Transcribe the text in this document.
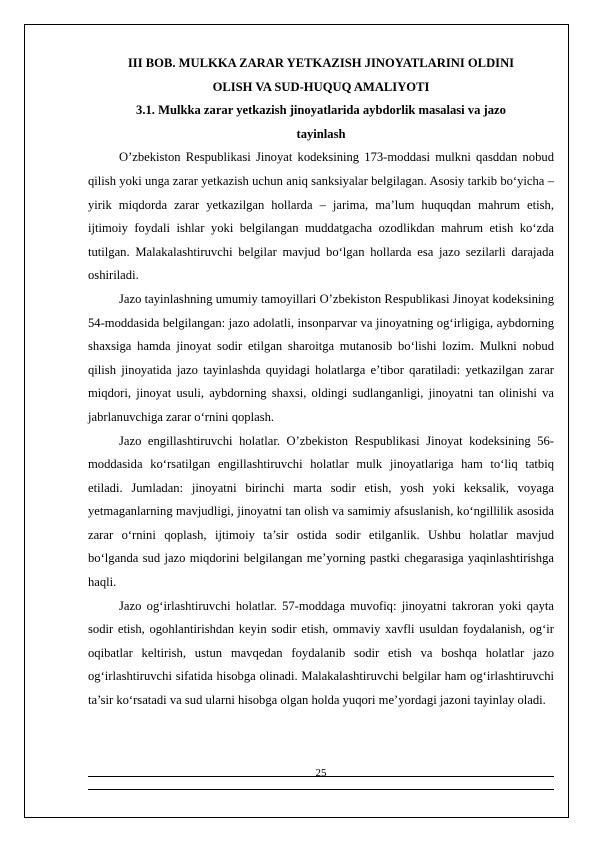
III BOB. MULKKA ZARAR YETKAZISH JINOYATLARINI OLDINI

OLISH VA SUD-HUQUQ AMALIYOTI

3.1. Mulkka zarar yetkazish jinoyatlarida aybdorlik masalasi va jazo

tayinlash

O’zbekiston Respublikasi Jinoyat kodeksining 173-moddasi mulkni qasddan nobud qilish yoki unga zarar yetkazish uchun aniq sanksiyalar belgilagan. Asosiy tarkib bo‘yicha – yirik miqdorda zarar yetkazilgan hollarda – jarima, ma’lum huquqdan mahrum etish, ijtimoiy foydali ishlar yoki belgilangan muddatgacha ozodlikdan mahrum etish ko‘zda tutilgan. Malakalashtiruvchi belgilar mavjud bo‘lgan hollarda esa jazo sezilarli darajada oshiriladi.

Jazo tayinlashning umumiy tamoyillari O’zbekiston Respublikasi Jinoyat kodeksining 54-moddasida belgilangan: jazo adolatli, insonparvar va jinoyatning og‘irligiga, aybdorning shaxsiga hamda jinoyat sodir etilgan sharoitga mutanosib bo‘lishi lozim. Mulkni nobud qilish jinoyatida jazo tayinlashda quyidagi holatlarga e’tibor qaratiladi: yetkazilgan zarar miqdori, jinoyat usuli, aybdorning shaxsi, oldingi sudlanganligi, jinoyatni tan olinishi va jabrlanuvchiga zarar o‘rnini qoplash.

Jazo engillashtiruvchi holatlar. O’zbekiston Respublikasi Jinoyat kodeksining 56-moddasida ko‘rsatilgan engillashtiruvchi holatlar mulk jinoyatlariga ham to‘liq tatbiq etiladi. Jumladan: jinoyatni birinchi marta sodir etish, yosh yoki keksalik, voyaga yetmaganlarning mavjudligi, jinoyatni tan olish va samimiy afsuslanish, ko‘ngillilik asosida zarar o‘rnini qoplash, ijtimoiy ta’sir ostida sodir etilganlik. Ushbu holatlar mavjud bo‘lganda sud jazo miqdorini belgilangan me’yorning pastki chegarasiga yaqinlashtirishga haqli.

Jazo og‘irlashtiruvchi holatlar. 57-moddaga muvofiq: jinoyatni takroran yoki qayta sodir etish, ogohlantirishdan keyin sodir etish, ommaviy xavfli usuldan foydalanish, og‘ir oqibatlar keltirish, ustun mavqedan foydalanib sodir etish va boshqa holatlar jazo og‘irlashtiruvchi sifatida hisobga olinadi. Malakalashtiruvchi belgilar ham og‘irlashtiruvchi ta’sir ko‘rsatadi va sud ularni hisobga olgan holda yuqori me’yordagi jazoni tayinlay oladi.

25
